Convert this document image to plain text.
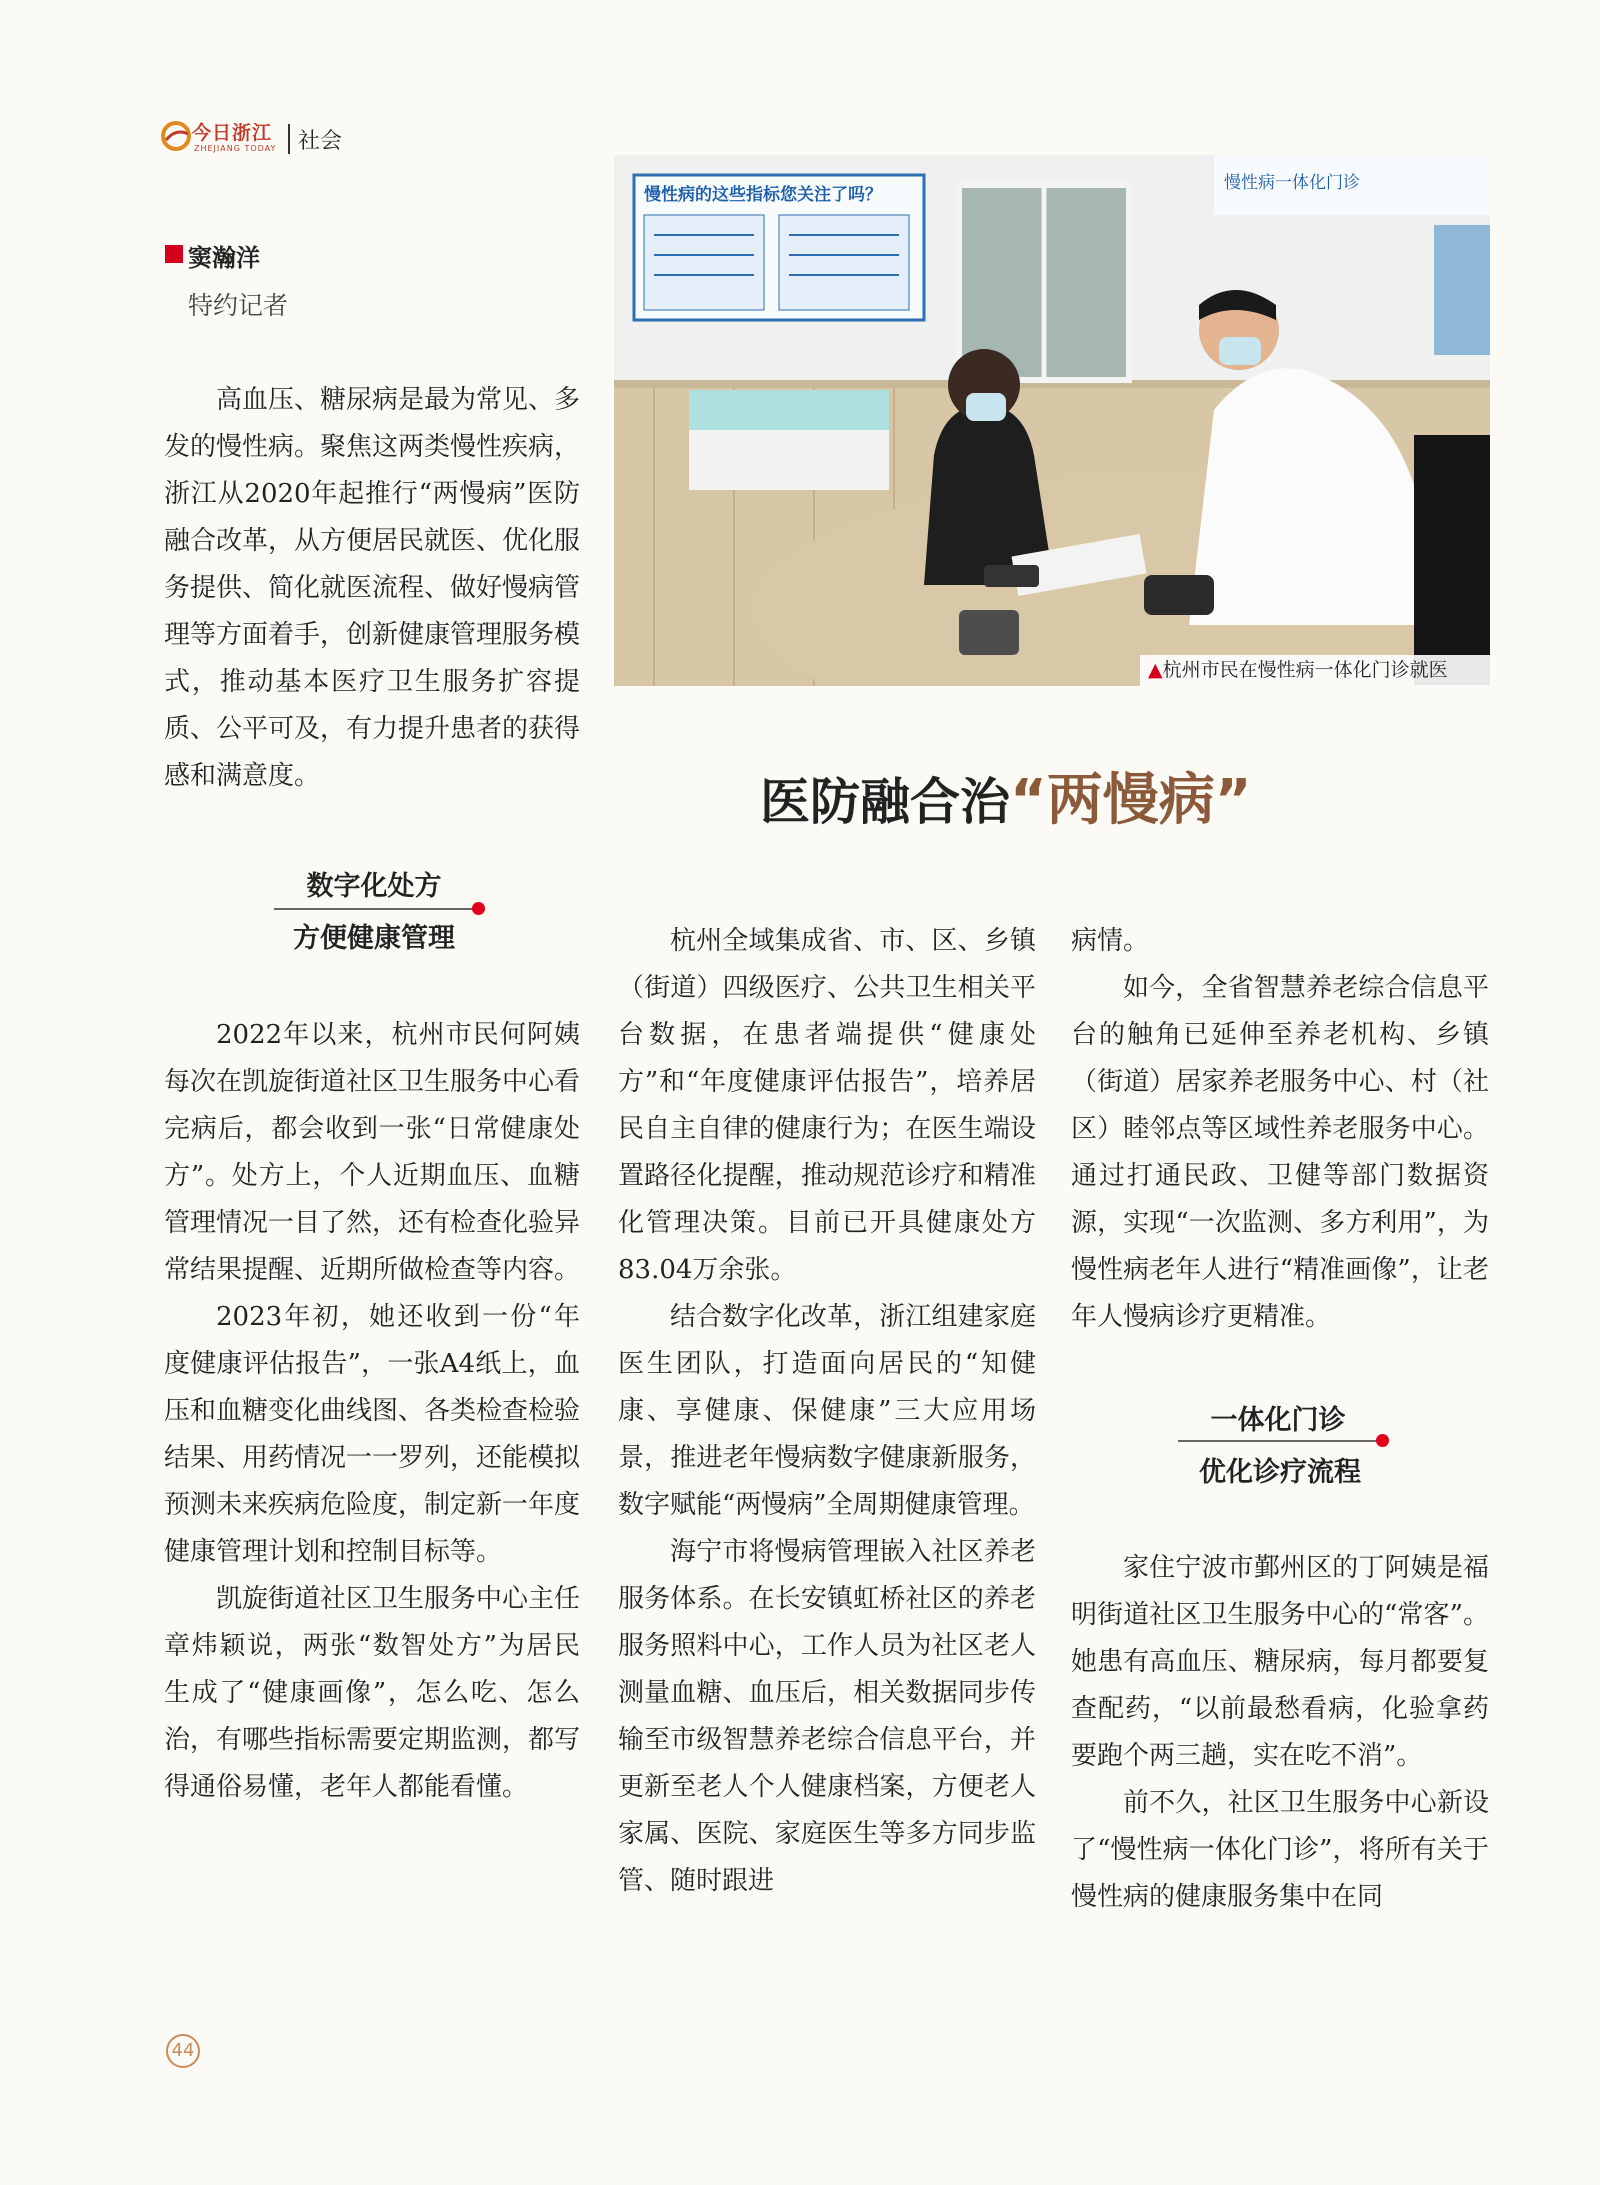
今日浙江
ZHEJIANG TODAY 社会
窦瀚洋
特约记者

高血压、糖尿病是最为常见、多发的慢性病。聚焦这两类慢性疾病，浙江从2020年起推行“两慢病”医防融合改革，从方便居民就医、优化服务提供、简化就医流程、做好慢病管理等方面着手，创新健康管理服务模式，推动基本医疗卫生服务扩容提质、公平可及，有力提升患者的获得感和满意度。

慢性病的这些指标您关注了吗？
慢性病一体化门诊
▲杭州市民在慢性病一体化门诊就医
医防融合治“两慢病”
数字化处方
方便健康管理

2022年以来，杭州市民何阿姨每次在凯旋街道社区卫生服务中心看完病后，都会收到一张“日常健康处方”。处方上，个人近期血压、血糖管理情况一目了然，还有检查化验异常结果提醒、近期所做检查等内容。

2023年初，她还收到一份“年度健康评估报告”，一张A4纸上，血压和血糖变化曲线图、各类检查检验结果、用药情况一一罗列，还能模拟预测未来疾病危险度，制定新一年度健康管理计划和控制目标等。

凯旋街道社区卫生服务中心主任章炜颖说，两张“数智处方”为居民生成了“健康画像”，怎么吃、怎么治，有哪些指标需要定期监测，都写得通俗易懂，老年人都能看懂。

杭州全域集成省、市、区、乡镇（街道）四级医疗、公共卫生相关平台数据，在患者端提供“健康处方”和“年度健康评估报告”，培养居民自主自律的健康行为；在医生端设置路径化提醒，推动规范诊疗和精准化管理决策。目前已开具健康处方83.04万余张。

结合数字化改革，浙江组建家庭医生团队，打造面向居民的“知健康、享健康、保健康”三大应用场景，推进老年慢病数字健康新服务，数字赋能“两慢病”全周期健康管理。

海宁市将慢病管理嵌入社区养老服务体系。在长安镇虹桥社区的养老服务照料中心，工作人员为社区老人测量血糖、血压后，相关数据同步传输至市级智慧养老综合信息平台，并更新至老人个人健康档案，方便老人家属、医院、家庭医生等多方同步监管、随时跟进

病情。

如今，全省智慧养老综合信息平台的触角已延伸至养老机构、乡镇（街道）居家养老服务中心、村（社区）睦邻点等区域性养老服务中心。通过打通民政、卫健等部门数据资源，实现“一次监测、多方利用”，为慢性病老年人进行“精准画像”，让老年人慢病诊疗更精准。

一体化门诊
优化诊疗流程

家住宁波市鄞州区的丁阿姨是福明街道社区卫生服务中心的“常客”。她患有高血压、糖尿病，每月都要复查配药，“以前最愁看病，化验拿药要跑个两三趟，实在吃不消”。

前不久，社区卫生服务中心新设了“慢性病一体化门诊”，将所有关于慢性病的健康服务集中在同

44
